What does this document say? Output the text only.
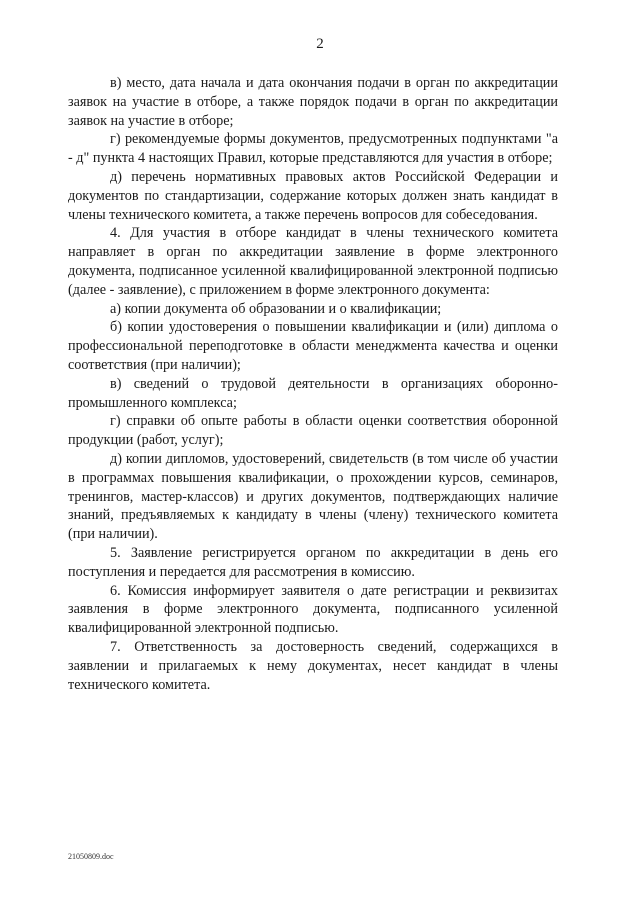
2

в) место, дата начала и дата окончания подачи в орган по аккредитации заявок на участие в отборе, а также порядок подачи в орган по аккредитации заявок на участие в отборе;

г) рекомендуемые формы документов, предусмотренных подпунктами "а - д" пункта 4 настоящих Правил, которые представляются для участия в отборе;

д) перечень нормативных правовых актов Российской Федерации и документов по стандартизации, содержание которых должен знать кандидат в члены технического комитета, а также перечень вопросов для собеседования.

4. Для участия в отборе кандидат в члены технического комитета направляет в орган по аккредитации заявление в форме электронного документа, подписанное усиленной квалифицированной электронной подписью (далее - заявление), с приложением в форме электронного документа:

а) копии документа об образовании и о квалификации;

б) копии удостоверения о повышении квалификации и (или) диплома о профессиональной переподготовке в области менеджмента качества и оценки соответствия (при наличии);

в) сведений о трудовой деятельности в организациях оборонно-промышленного комплекса;

г) справки об опыте работы в области оценки соответствия оборонной продукции (работ, услуг);

д) копии дипломов, удостоверений, свидетельств (в том числе об участии в программах повышения квалификации, о прохождении курсов, семинаров, тренингов, мастер-классов) и других документов, подтверждающих наличие знаний, предъявляемых к кандидату в члены (члену) технического комитета (при наличии).

5. Заявление регистрируется органом по аккредитации в день его поступления и передается для рассмотрения в комиссию.

6. Комиссия информирует заявителя о дате регистрации и реквизитах заявления в форме электронного документа, подписанного усиленной квалифицированной электронной подписью.

7. Ответственность за достоверность сведений, содержащихся в заявлении и прилагаемых к нему документах, несет кандидат в члены технического комитета.

21050809.doc
